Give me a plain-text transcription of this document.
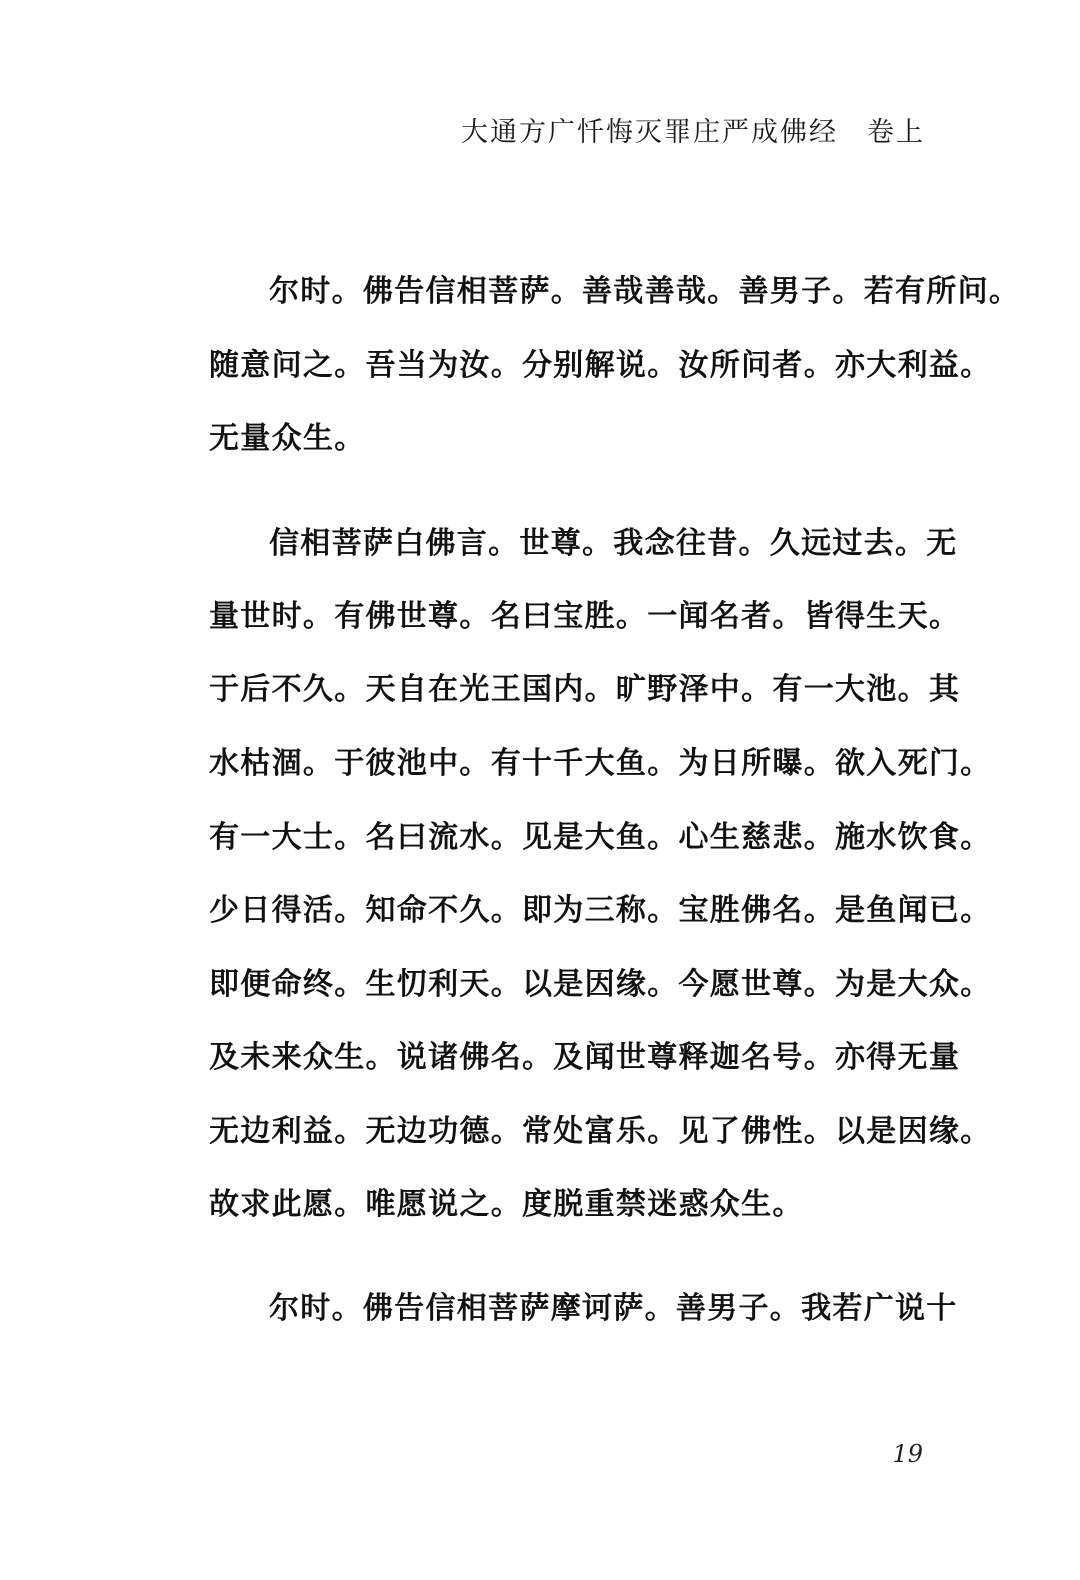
大通方广忏悔灭罪庄严成佛经  卷上
尔时。佛告信相菩萨。善哉善哉。善男子。若有所问。
随意问之。吾当为汝。分别解说。汝所问者。亦大利益。
无量众生。
信相菩萨白佛言。世尊。我念往昔。久远过去。无
量世时。有佛世尊。名曰宝胜。一闻名者。皆得生天。
于后不久。天自在光王国内。旷野泽中。有一大池。其
水枯涸。于彼池中。有十千大鱼。为日所曝。欲入死门。
有一大士。名曰流水。见是大鱼。心生慈悲。施水饮食。
少日得活。知命不久。即为三称。宝胜佛名。是鱼闻已。
即便命终。生忉利天。以是因缘。今愿世尊。为是大众。
及未来众生。说诸佛名。及闻世尊释迦名号。亦得无量
无边利益。无边功德。常处富乐。见了佛性。以是因缘。
故求此愿。唯愿说之。度脱重禁迷惑众生。
尔时。佛告信相菩萨摩诃萨。善男子。我若广说十
19
